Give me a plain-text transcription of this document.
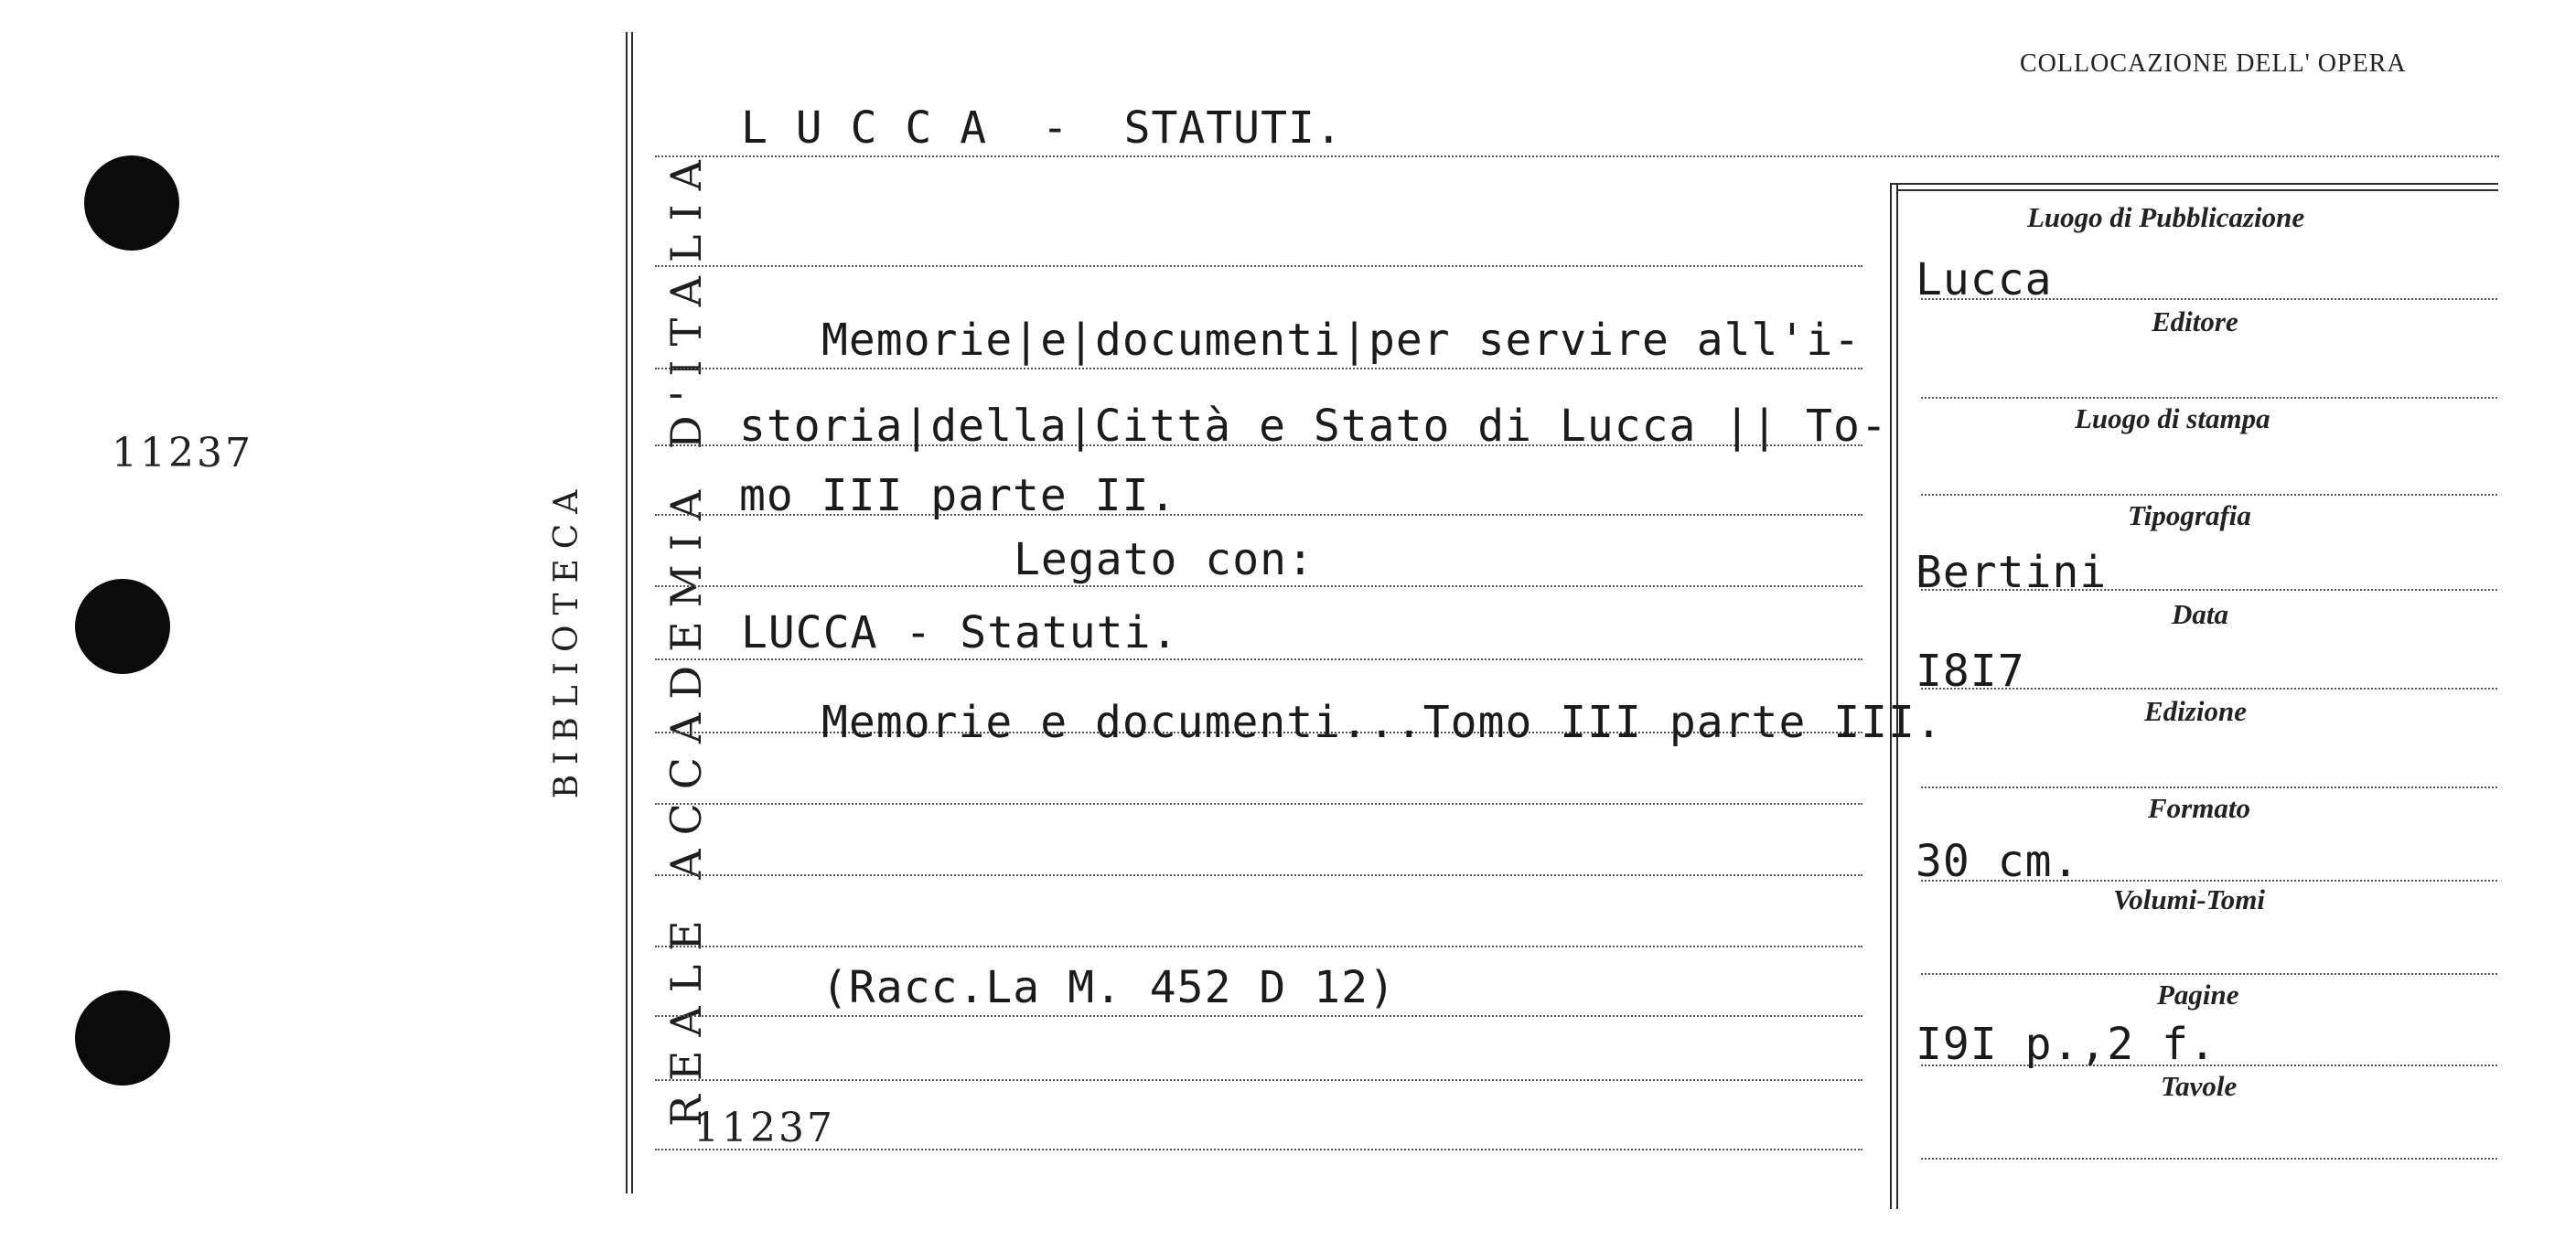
11237	REALE ACCADEMIA D'ITALIA
BIBLIOTECA
COLLOCAZIONE DELL' OPERA
L U C C A  -  STATUTI.
Memorie|e|documenti|per servire all'i-
storia|della|Città e Stato di Lucca || To-
mo III parte II.
Legato con:
LUCCA - Statuti.
Memorie e documenti...Tomo III parte III.
(Racc.La M. 452 D 12)
11237
Luogo di Pubblicazione
Editore
Luogo di stampa
Tipografia
Data
Edizione
Formato
Volumi-Tomi
Pagine
Tavole
Lucca
Bertini
I8I7
30 cm.
I9I p.,2 f.
